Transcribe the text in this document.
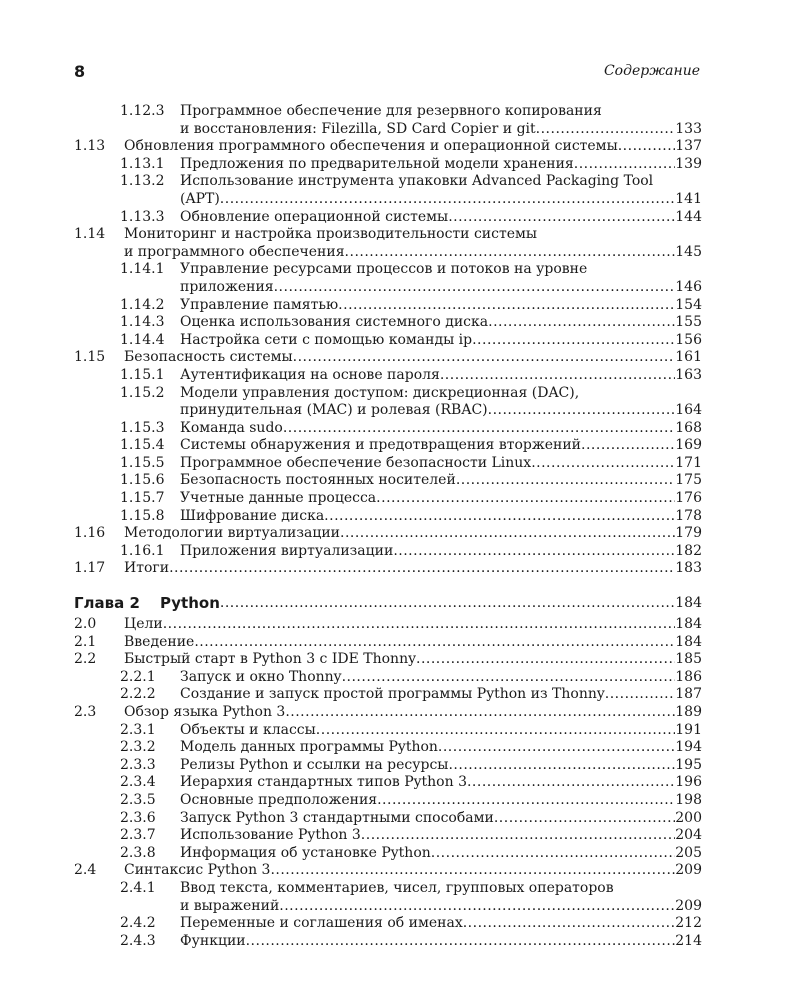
8	Содержание
1.12.3 Программное обеспечение для резервного копирования
и восстановления: Filezilla, SD Card Copier и git .....	133
1.13 Обновления программного обеспечения и операционной системы .....	137
1.13.1 Предложения по предварительной модели хранения .....	139
1.13.2 Использование инструмента упаковки Advanced Packaging Tool
(APT) .....	141
1.13.3 Обновление операционной системы .....	144
1.14 Мониторинг и настройка производительности системы
и программного обеспечения .....	145
1.14.1 Управление ресурсами процессов и потоков на уровне
приложения .....	146
1.14.2 Управление памятью .....	154
1.14.3 Оценка использования системного диска .....	155
1.14.4 Настройка сети с помощью команды ip .....	156
1.15 Безопасность системы .....	161
1.15.1 Аутентификация на основе пароля .....	163
1.15.2 Модели управления доступом: дискреционная (DAC),
принудительная (MAC) и ролевая (RBAC) .....	164
1.15.3 Команда sudo .....	168
1.15.4 Системы обнаружения и предотвращения вторжений .....	169
1.15.5 Программное обеспечение безопасности Linux .....	171
1.15.6 Безопасность постоянных носителей .....	175
1.15.7 Учетные данные процесса .....	176
1.15.8 Шифрование диска .....	178
1.16 Методологии виртуализации .....	179
1.16.1 Приложения виртуализации .....	182
1.17 Итоги .....	183
Глава 2 Python .....	184
2.0 Цели .....	184
2.1 Введение .....	184
2.2 Быстрый старт в Python 3 с IDE Thonny .....	185
2.2.1 Запуск и окно Thonny .....	186
2.2.2 Создание и запуск простой программы Python из Thonny .....	187
2.3 Обзор языка Python 3 .....	189
2.3.1 Объекты и классы .....	191
2.3.2 Модель данных программы Python .....	194
2.3.3 Релизы Python и ссылки на ресурсы .....	195
2.3.4 Иерархия стандартных типов Python 3 .....	196
2.3.5 Основные предположения .....	198
2.3.6 Запуск Python 3 стандартными способами .....	200
2.3.7 Использование Python 3 .....	204
2.3.8 Информация об установке Python .....	205
2.4 Синтаксис Python 3 .....	209
2.4.1 Ввод текста, комментариев, чисел, групповых операторов
и выражений .....	209
2.4.2 Переменные и соглашения об именах .....	212
2.4.3 Функции .....	214
